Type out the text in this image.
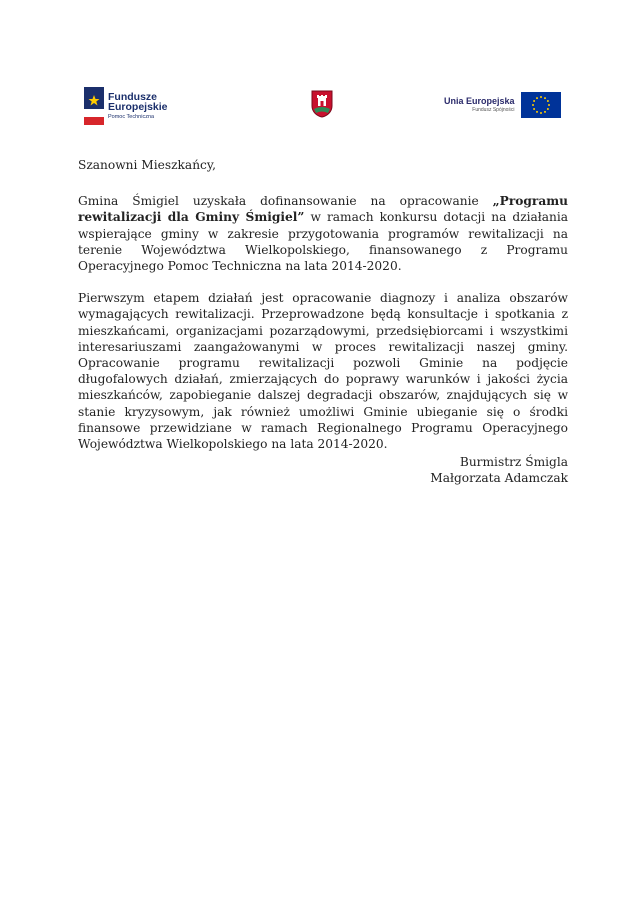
Fundusze
Europejskie
Pomoc Techniczna
Unia Europejska
Fundusz Spójności

Szanowni Mieszkańcy,

Gmina Śmigiel uzyskała dofinansowanie na opracowanie „Programu rewitalizacji dla Gminy Śmigiel” w ramach konkursu dotacji na działania wspierające gminy w zakresie przygotowania programów rewitalizacji na terenie Województwa Wielkopolskiego, finansowanego z Programu Operacyjnego Pomoc Techniczna na lata 2014-2020.

Pierwszym etapem działań jest opracowanie diagnozy i analiza obszarów wymagających rewitalizacji. Przeprowadzone będą konsultacje i spotkania z mieszkańcami, organizacjami pozarządowymi, przedsiębiorcami i wszystkimi interesariuszami zaangażowanymi w proces rewitalizacji naszej gminy. Opracowanie programu rewitalizacji pozwoli Gminie na podjęcie długofalowych działań, zmierzających do poprawy warunków i jakości życia mieszkańców, zapobieganie dalszej degradacji obszarów, znajdujących się w stanie kryzysowym, jak również umożliwi Gminie ubieganie się o środki finansowe przewidziane w ramach Regionalnego Programu Operacyjnego Województwa Wielkopolskiego na lata 2014-2020.

Burmistrz Śmigla
Małgorzata Adamczak
